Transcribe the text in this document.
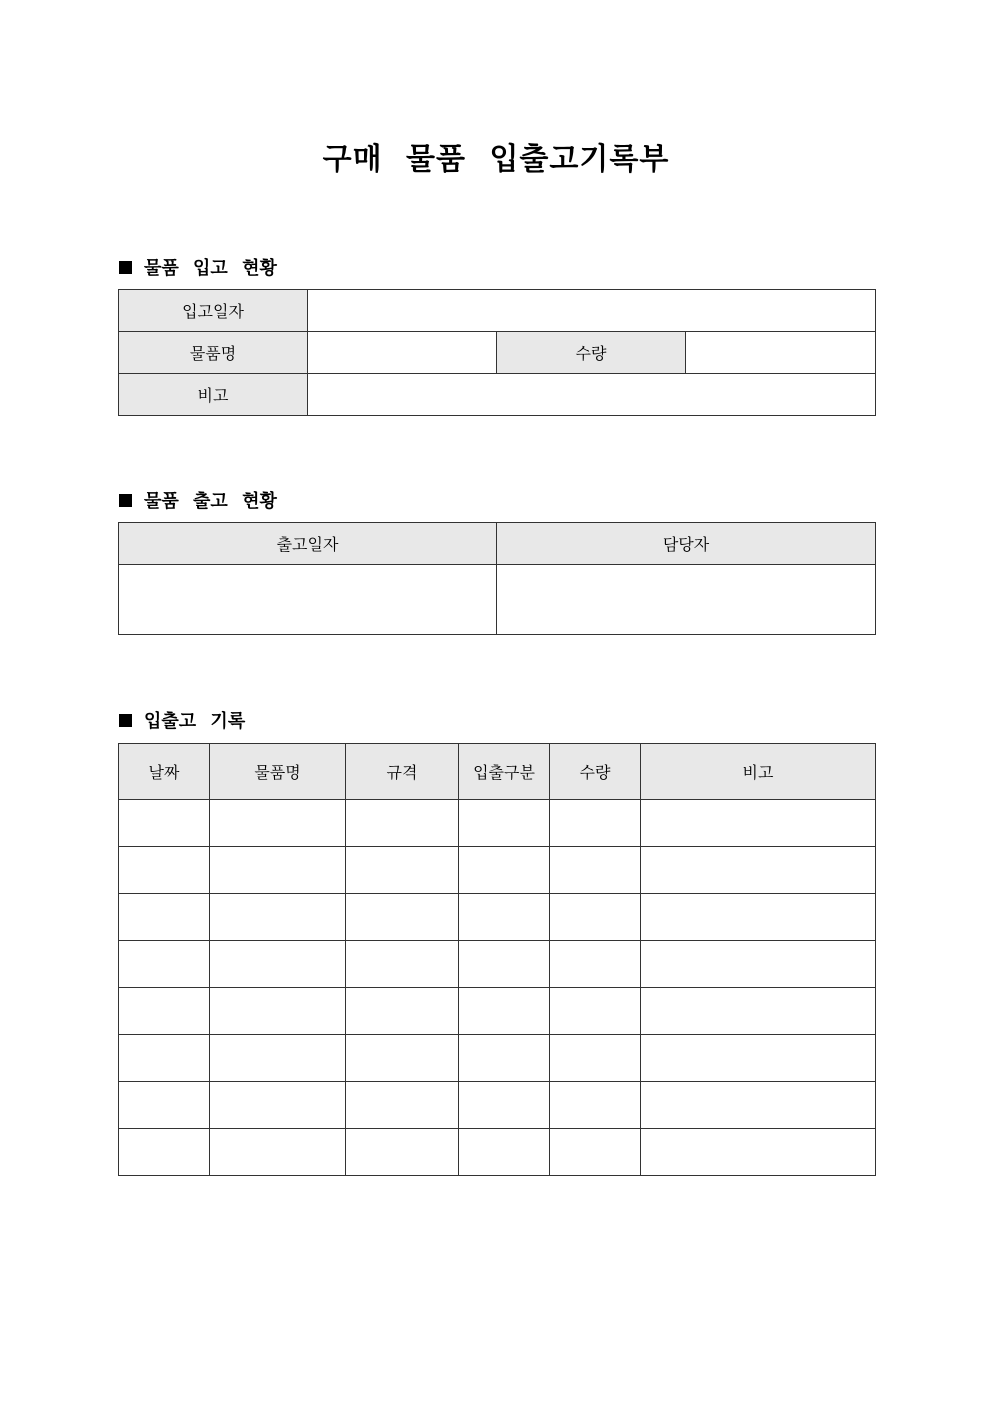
구매 물품 입출고기록부
물품 입고 현황
입고일자			
물품명		수량	
비고			
물품 출고 현황
출고일자	담당자

입출고 기록
날짜	물품명	규격	입출구분	수량	비고
